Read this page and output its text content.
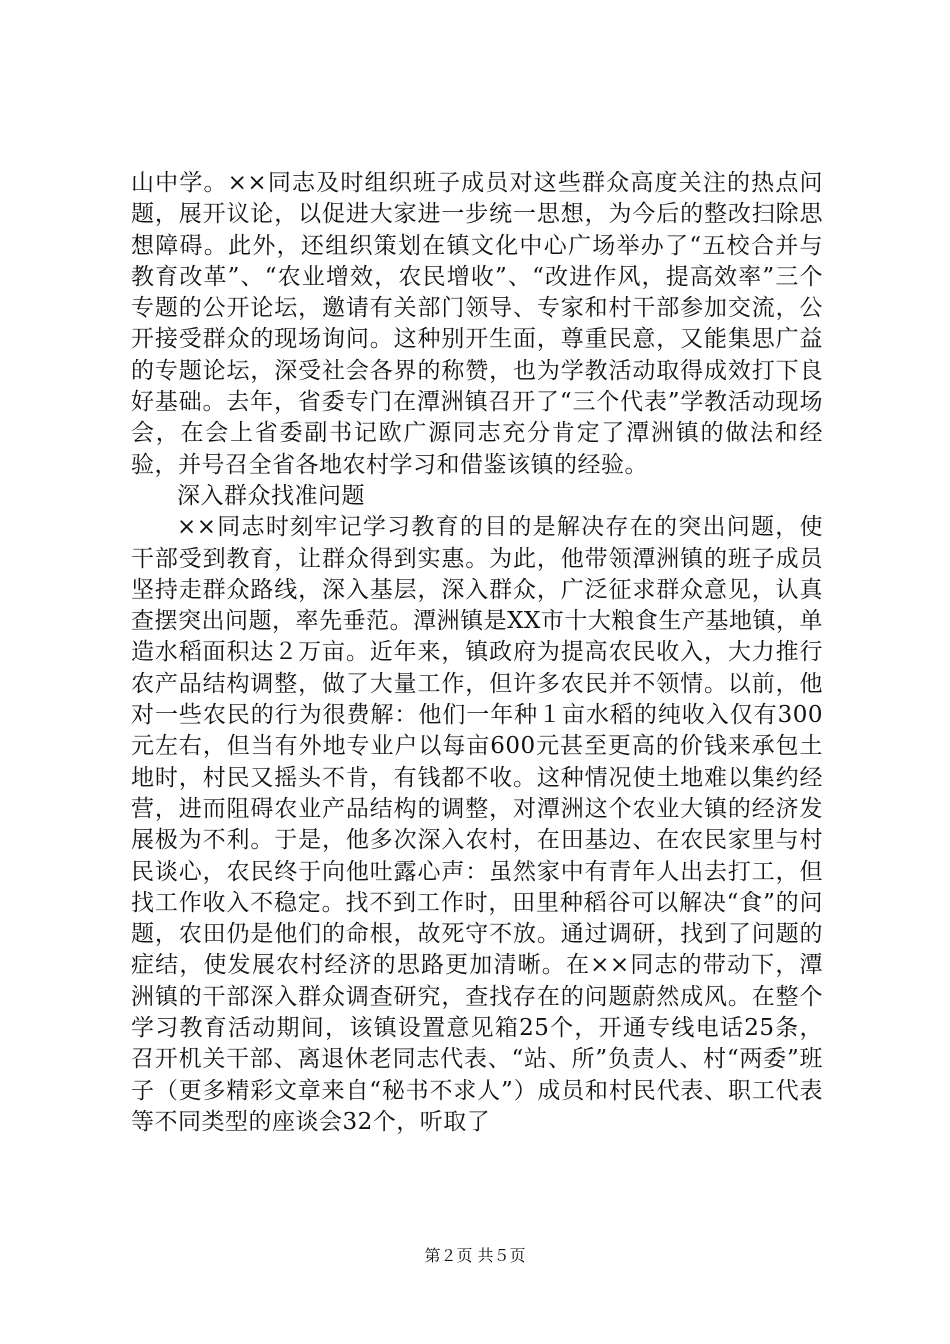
山中学。××同志及时组织班子成员对这些群众高度关注的热点问题，展开议论，以促进大家进一步统一思想，为今后的整改扫除思想障碍。此外，还组织策划在镇文化中心广场举办了“五校合并与教育改革”、“农业增效，农民增收”、“改进作风，提高效率”三个专题的公开论坛，邀请有关部门领导、专家和村干部参加交流，公开接受群众的现场询问。这种别开生面，尊重民意，又能集思广益的专题论坛，深受社会各界的称赞，也为学教活动取得成效打下良好基础。去年，省委专门在潭洲镇召开了“三个代表”学教活动现场会，在会上省委副书记欧广源同志充分肯定了潭洲镇的做法和经验，并号召全省各地农村学习和借鉴该镇的经验。

深入群众找准问题

××同志时刻牢记学习教育的目的是解决存在的突出问题，使干部受到教育，让群众得到实惠。为此，他带领潭洲镇的班子成员坚持走群众路线，深入基层，深入群众，广泛征求群众意见，认真查摆突出问题，率先垂范。潭洲镇是XX市十大粮食生产基地镇，单造水稻面积达２万亩。近年来，镇政府为提高农民收入，大力推行农产品结构调整，做了大量工作，但许多农民并不领情。以前，他对一些农民的行为很费解：他们一年种１亩水稻的纯收入仅有300元左右，但当有外地专业户以每亩600元甚至更高的价钱来承包土地时，村民又摇头不肯，有钱都不收。这种情况使土地难以集约经营，进而阻碍农业产品结构的调整，对潭洲这个农业大镇的经济发展极为不利。于是，他多次深入农村，在田基边、在农民家里与村民谈心，农民终于向他吐露心声：虽然家中有青年人出去打工，但找工作收入不稳定。找不到工作时，田里种稻谷可以解决“食”的问题，农田仍是他们的命根，故死守不放。通过调研，找到了问题的症结，使发展农村经济的思路更加清晰。在××同志的带动下，潭洲镇的干部深入群众调查研究，查找存在的问题蔚然成风。在整个学习教育活动期间，该镇设置意见箱25个，开通专线电话25条，召开机关干部、离退休老同志代表、“站、所”负责人、村“两委”班子（更多精彩文章来自“秘书不求人”）成员和村民代表、职工代表等不同类型的座谈会32个，听取了

第２页 共５页
